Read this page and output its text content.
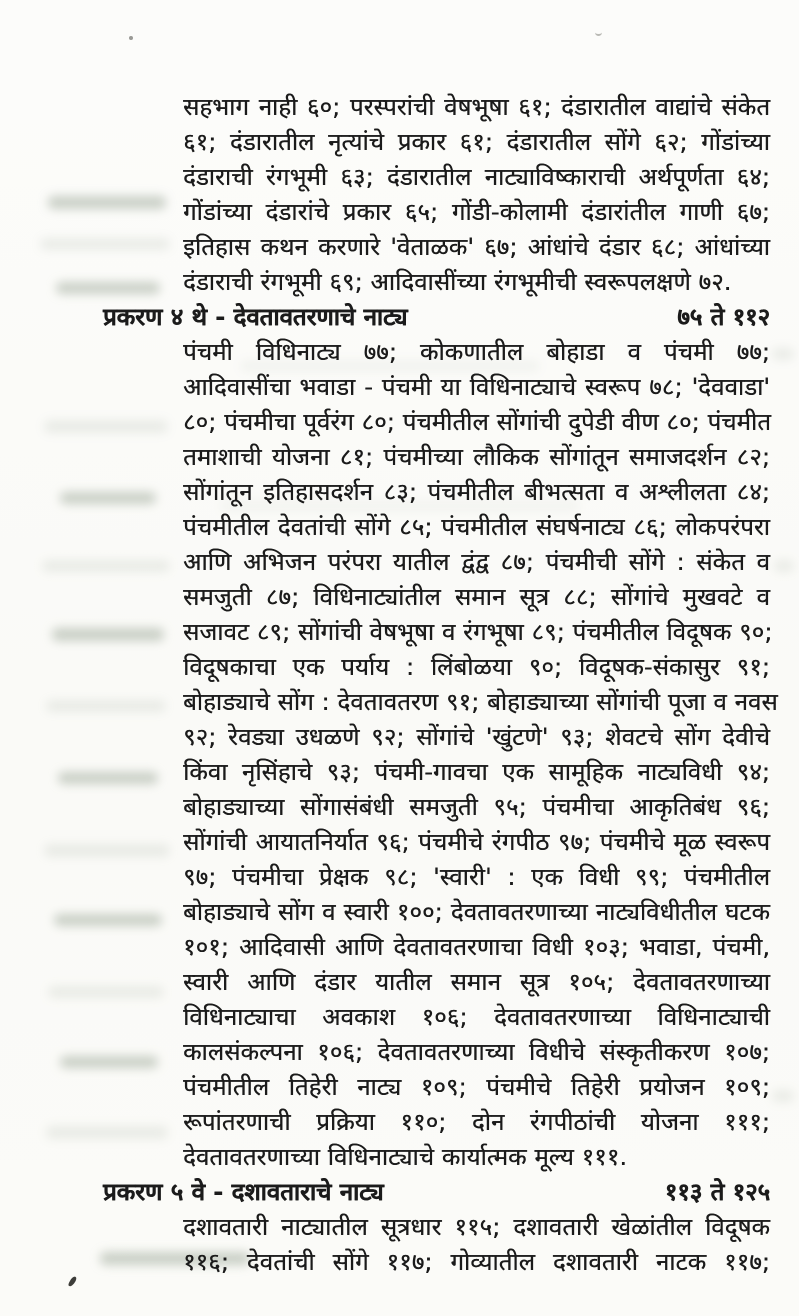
सहभाग नाही ६०; परस्परांची वेषभूषा ६१; दंडारातील वाद्यांचे संकेत
६१; दंडारातील नृत्यांचे प्रकार ६१; दंडारातील सोंगे ६२; गोंडांच्या
दंडाराची रंगभूमी ६३; दंडारातील नाट्याविष्काराची अर्थपूर्णता ६४;
गोंडांच्या दंडारांचे प्रकार ६५; गोंडी-कोलामी दंडारांतील गाणी ६७;
इतिहास कथन करणारे 'वेताळक' ६७; आंधांचे दंडार ६८; आंधांच्या
दंडाराची रंगभूमी ६९; आदिवासींच्या रंगभूमीची स्वरूपलक्षणे ७२.
प्रकरण ४ थे - देवतावतरणाचे नाट्य	७५ ते ११२
पंचमी विधिनाट्य ७७; कोकणातील बोहाडा व पंचमी ७७;
आदिवासींचा भवाडा - पंचमी या विधिनाट्याचे स्वरूप ७८; 'देववाडा'
८०; पंचमीचा पूर्वरंग ८०; पंचमीतील सोंगांची दुपेडी वीण ८०; पंचमीत
तमाशाची योजना ८१; पंचमीच्या लौकिक सोंगांतून समाजदर्शन ८२;
सोंगांतून इतिहासदर्शन ८३; पंचमीतील बीभत्सता व अश्लीलता ८४;
पंचमीतील देवतांची सोंगे ८५; पंचमीतील संघर्षनाट्य ८६; लोकपरंपरा
आणि अभिजन परंपरा यातील द्वंद्व ८७; पंचमीची सोंगे : संकेत व
समजुती ८७; विधिनाट्यांतील समान सूत्र ८८; सोंगांचे मुखवटे व
सजावट ८९; सोंगांची वेषभूषा व रंगभूषा ८९; पंचमीतील विदूषक ९०;
विदूषकाचा एक पर्याय : लिंबोळया ९०; विदूषक-संकासुर ९१;
बोहाड्याचे सोंग : देवतावतरण ९१; बोहाड्याच्या सोंगांची पूजा व नवस
९२; रेवड्या उधळणे ९२; सोंगांचे 'खुंटणे' ९३; शेवटचे सोंग देवीचे
किंवा नृसिंहाचे ९३; पंचमी-गावचा एक सामूहिक नाट्यविधी ९४;
बोहाड्याच्या सोंगासंबंधी समजुती ९५; पंचमीचा आकृतिबंध ९६;
सोंगांची आयातनिर्यात ९६; पंचमीचे रंगपीठ ९७; पंचमीचे मूळ स्वरूप
९७; पंचमीचा प्रेक्षक ९८; 'स्वारी' : एक विधी ९९; पंचमीतील
बोहाड्याचे सोंग व स्वारी १००; देवतावतरणाच्या नाट्यविधीतील घटक
१०१; आदिवासी आणि देवतावतरणाचा विधी १०३; भवाडा, पंचमी,
स्वारी आणि दंडार यातील समान सूत्र १०५; देवतावतरणाच्या
विधिनाट्याचा अवकाश १०६; देवतावतरणाच्या विधिनाट्याची
कालसंकल्पना १०६; देवतावतरणाच्या विधीचे संस्कृतीकरण १०७;
पंचमीतील तिहेरी नाट्य १०९; पंचमीचे तिहेरी प्रयोजन १०९;
रूपांतरणाची प्रक्रिया ११०; दोन रंगपीठांची योजना १११;
देवतावतरणाच्या विधिनाट्याचे कार्यात्मक मूल्य १११.
प्रकरण ५ वे - दशावताराचे नाट्य	११३ ते १२५
दशावतारी नाट्यातील सूत्रधार ११५; दशावतारी खेळांतील विदूषक
११६; देवतांची सोंगे ११७; गोव्यातील दशावतारी नाटक ११७;
